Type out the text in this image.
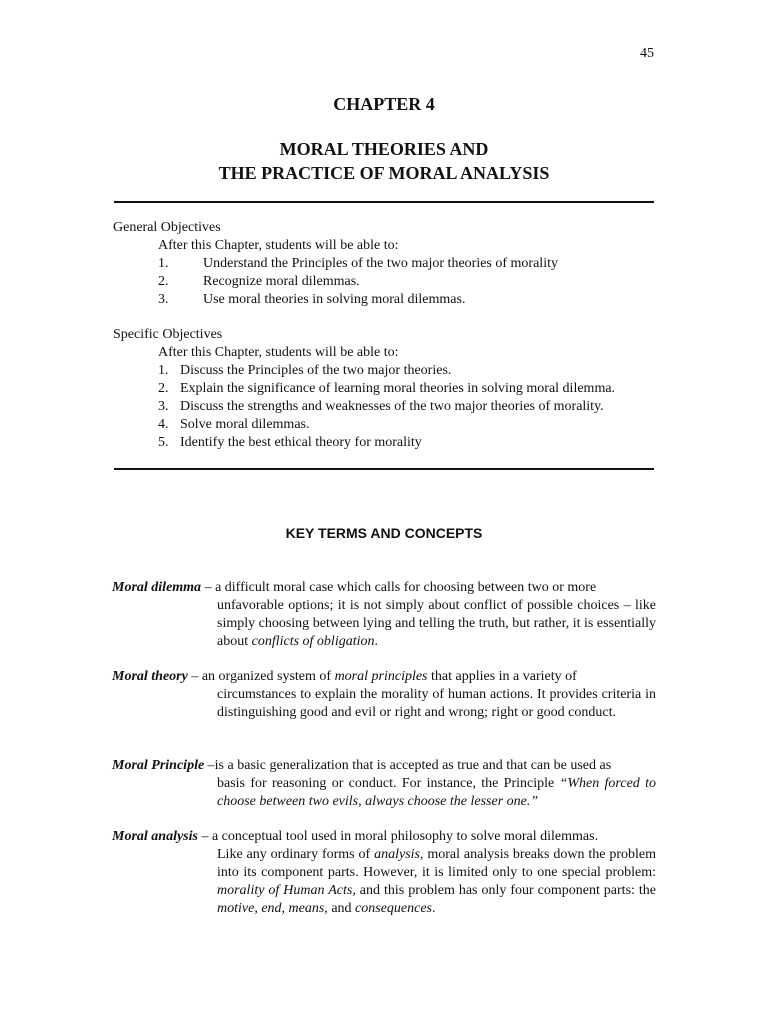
45
CHAPTER 4
MORAL THEORIES AND
THE PRACTICE OF MORAL ANALYSIS
General Objectives
After this Chapter, students will be able to:
1.	Understand the Principles of the two major theories of morality
2.	Recognize moral dilemmas.
3.	Use moral theories in solving moral dilemmas.
Specific Objectives
After this Chapter, students will be able to:
1. Discuss the Principles of the two major theories.
2. Explain the significance of learning moral theories in solving moral dilemma.
3. Discuss the strengths and weaknesses of the two major theories of morality.
4. Solve moral dilemmas.
5. Identify the best ethical theory for morality
KEY TERMS AND CONCEPTS
Moral dilemma – a difficult moral case which calls for choosing between two or more
unfavorable options; it is not simply about conflict of possible choices – like simply choosing between lying and telling the truth, but rather, it is essentially about conflicts of obligation.
Moral theory – an organized system of moral principles that applies in a variety of
circumstances to explain the morality of human actions. It provides criteria in distinguishing good and evil or right and wrong; right or good conduct.
Moral Principle – is a basic generalization that is accepted as true and that can be used as
basis for reasoning or conduct. For instance, the Principle “When forced to choose between two evils, always choose the lesser one.”
Moral analysis – a conceptual tool used in moral philosophy to solve moral dilemmas.
Like any ordinary forms of analysis, moral analysis breaks down the problem into its component parts. However, it is limited only to one special problem: morality of Human Acts, and this problem has only four component parts: the motive, end, means, and consequences.
